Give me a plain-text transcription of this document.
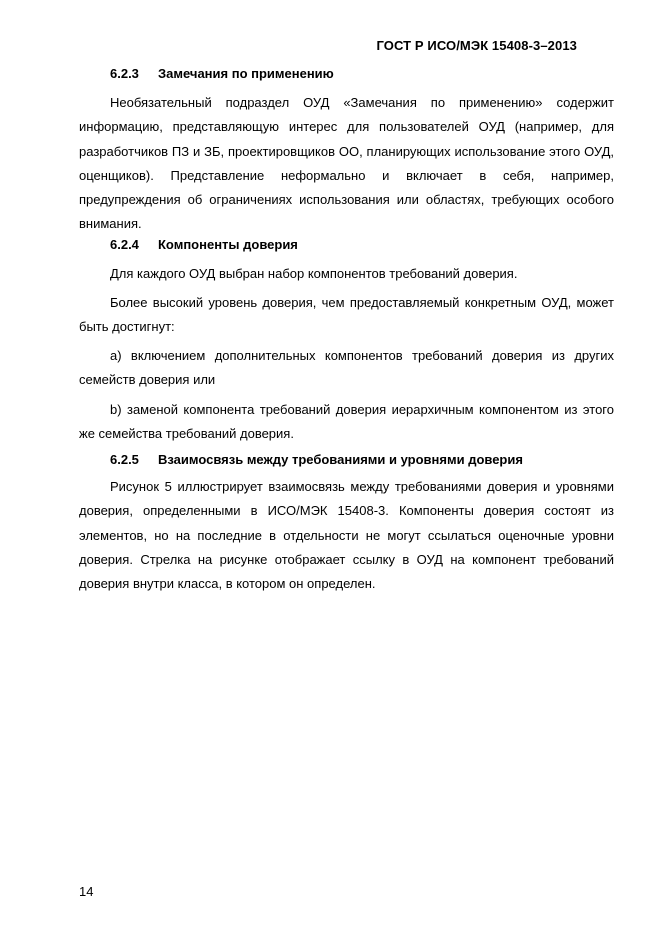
ГОСТ Р ИСО/МЭК 15408-3–2013
6.2.3 Замечания по применению

Необязательный подраздел ОУД «Замечания по применению» содержит информацию, представляющую интерес для пользователей ОУД (например, для разработчиков ПЗ и ЗБ, проектировщиков ОО, планирующих использование этого ОУД, оценщиков). Представление неформально и включает в себя, например, предупреждения об ограничениях использования или областях, требующих особого внимания.

6.2.4 Компоненты доверия

Для каждого ОУД выбран набор компонентов требований доверия.

Более высокий уровень доверия, чем предоставляемый конкретным ОУД, может быть достигнут:

a) включением дополнительных компонентов требований доверия из других семейств доверия или

b) заменой компонента требований доверия иерархичным компонентом из этого же семейства требований доверия.

6.2.5 Взаимосвязь между требованиями и уровнями доверия

Рисунок 5 иллюстрирует взаимосвязь между требованиями доверия и уровнями доверия, определенными в ИСО/МЭК 15408-3. Компоненты доверия состоят из элементов, но на последние в отдельности не могут ссылаться оценочные уровни доверия. Стрелка на рисунке отображает ссылку в ОУД на компонент требований доверия внутри класса, в котором он определен.

14
